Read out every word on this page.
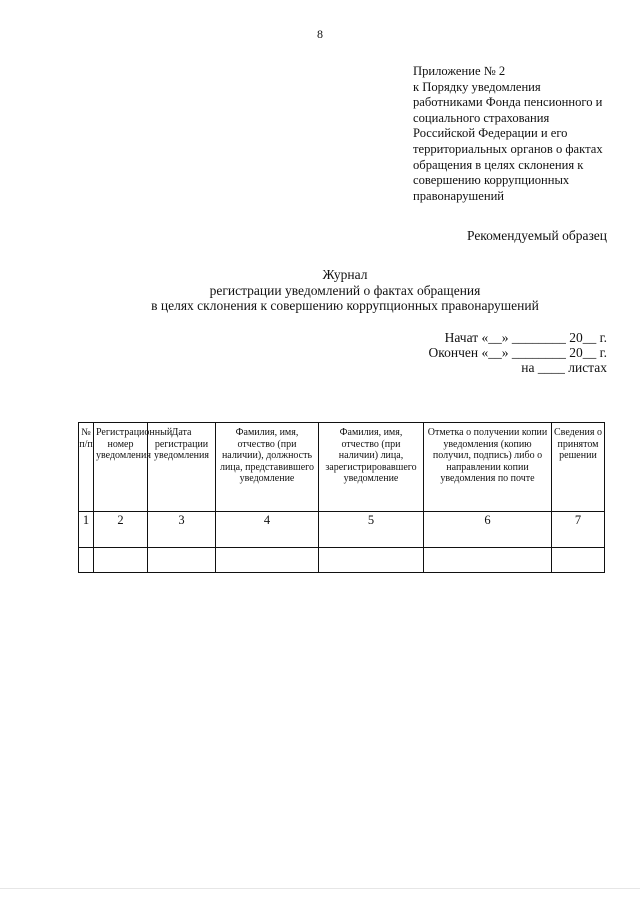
8
Приложение № 2
к Порядку уведомления
работниками Фонда пенсионного и
социального страхования
Российской Федерации и его
территориальных органов о фактах
обращения в целях склонения к
совершению коррупционных
правонарушений
Рекомендуемый образец
Журнал
регистрации уведомлений о фактах обращения
в целях склонения к совершению коррупционных правонарушений
Начат «__» ________ 20__ г.
Окончен «__» ________ 20__ г.
на ____ листах
№ п/п	Регистрационный номер уведомления	Дата регистрации уведомления	Фамилия, имя, отчество (при наличии), должность лица, представившего уведомление	Фамилия, имя, отчество (при наличии) лица, зарегистрировавшего уведомление	Отметка о получении копии уведомления (копию получил, подпись) либо о направлении копии уведомления по почте	Сведения о принятом решении

1	2	3	4	5	6	7
